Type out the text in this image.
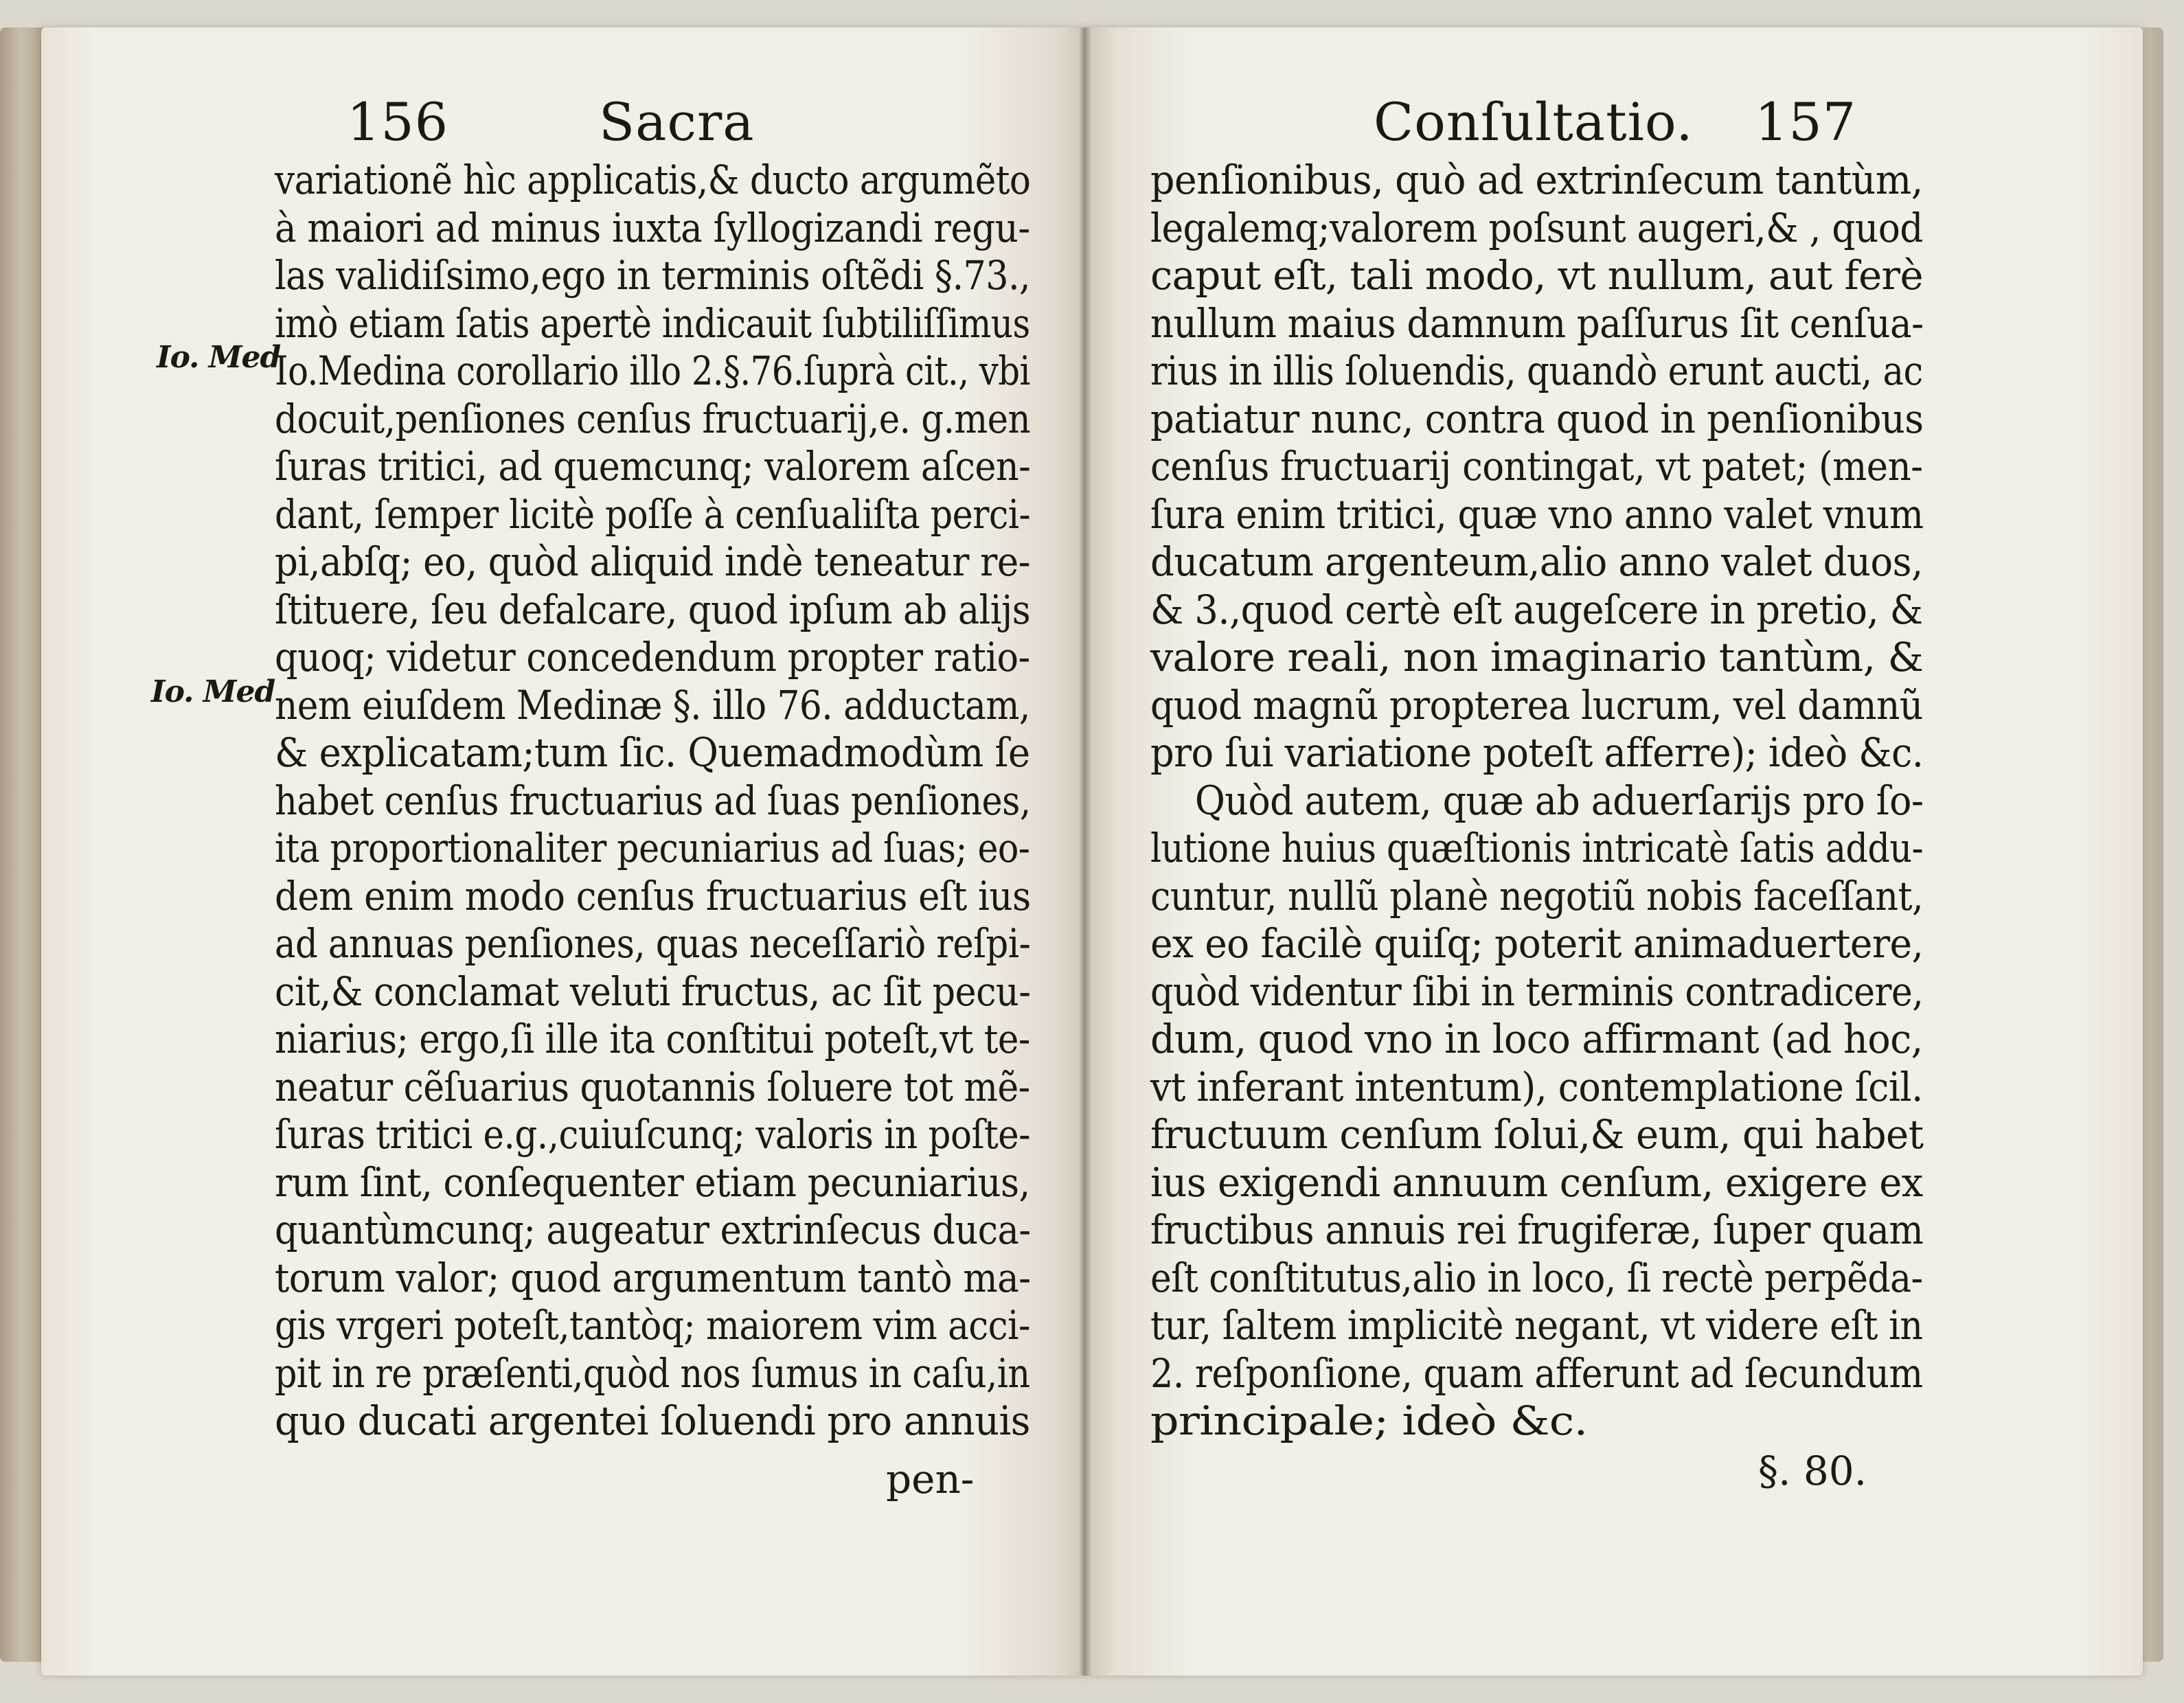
156	Sacra
Io. Med
Io. Med
variationẽ hìc applicatis,& ducto argumẽto
à maiori ad minus iuxta ſyllogizandi regu-
las validiſsimo,ego in terminis oſtẽdi §.73.,
imò etiam ſatis apertè indicauit ſubtiliſſimus
Io.Medina corollario illo 2.§.76.ſuprà cit., vbi
docuit,penſiones cenſus fructuarij,e. g.men
ſuras tritici, ad quemcunq; valorem aſcen-
dant, ſemper licitè poſſe à cenſualiſta perci-
pi,abſq; eo, quòd aliquid indè teneatur re-
ſtituere, ſeu defalcare, quod ipſum ab alijs
quoq; videtur concedendum propter ratio-
nem eiuſdem Medinæ §. illo 76. adductam,
& explicatam;tum ſic. Quemadmodùm ſe
habet cenſus fructuarius ad ſuas penſiones,
ita proportionaliter pecuniarius ad ſuas; eo-
dem enim modo cenſus fructuarius eſt ius
ad annuas penſiones, quas neceſſariò reſpi-
cit,& conclamat veluti fructus, ac ſit pecu-
niarius; ergo,ſi ille ita conſtitui poteſt,vt te-
neatur cẽſuarius quotannis ſoluere tot mẽ-
ſuras tritici e.g.,cuiuſcunq; valoris in poſte-
rum ſint, conſequenter etiam pecuniarius,
quantùmcunq; augeatur extrinſecus duca-
torum valor; quod argumentum tantò ma-
gis vrgeri poteſt,tantòq; maiorem vim acci-
pit in re præſenti,quòd nos ſumus in caſu,in
quo ducati argentei ſoluendi pro annuis
pen-
Conſultatio. 157
penſionibus, quò ad extrinſecum tantùm,
legalemq;valorem poſsunt augeri,& , quod
caput eſt, tali modo, vt nullum, aut ferè
nullum maius damnum paſſurus ſit cenſua-
rius in illis ſoluendis, quandò erunt aucti, ac
patiatur nunc, contra quod in penſionibus
cenſus fructuarij contingat, vt patet; (men-
ſura enim tritici, quæ vno anno valet vnum
ducatum argenteum,alio anno valet duos,
& 3.,quod certè eſt augeſcere in pretio, &
valore reali, non imaginario tantùm, &
quod magnũ propterea lucrum, vel damnũ
pro ſui variatione poteſt afferre); ideò &c.
Quòd autem, quæ ab aduerſarijs pro ſo-
lutione huius quæſtionis intricatè ſatis addu-
cuntur, nullũ planè negotiũ nobis faceſſant,
ex eo facilè quiſq; poterit animaduertere,
quòd videntur ſibi in terminis contradicere,
dum, quod vno in loco affirmant (ad hoc,
vt inferant intentum), contemplatione ſcil.
fructuum cenſum ſolui,& eum, qui habet
ius exigendi annuum cenſum, exigere ex
fructibus annuis rei frugiferæ, ſuper quam
eſt conſtitutus,alio in loco, ſi rectè perpẽda-
tur, ſaltem implicitè negant, vt videre eſt in
2. reſponſione, quam afferunt ad ſecundum
principale; ideò &c.
§. 80.
